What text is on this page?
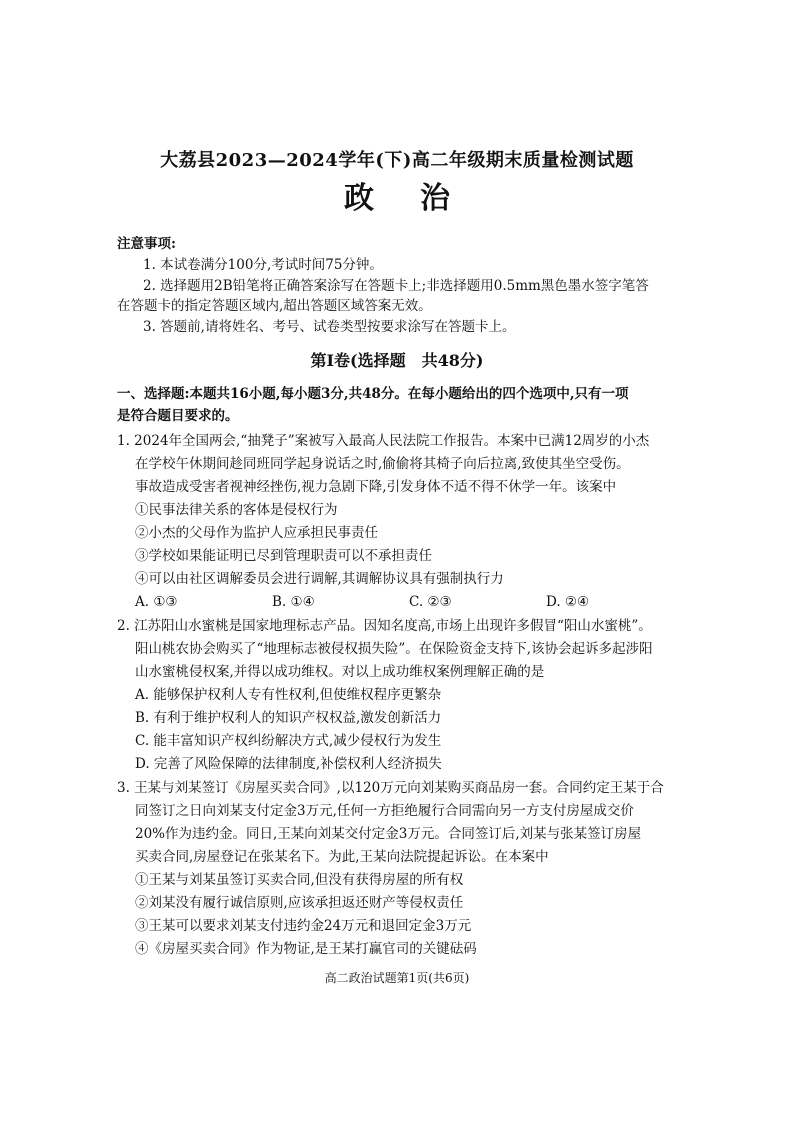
大荔县2023—2024学年(下)高二年级期末质量检测试题
政治
注意事项:
1. 本试卷满分100分,考试时间75分钟。
2. 选择题用2B铅笔将正确答案涂写在答题卡上;非选择题用0.5mm黑色墨水签字笔答
在答题卡的指定答题区域内,超出答题区域答案无效。
3. 答题前,请将姓名、考号、试卷类型按要求涂写在答题卡上。
第Ⅰ卷(选择题　共48分)
一、选择题:本题共16小题,每小题3分,共48分。在每小题给出的四个选项中,只有一项
是符合题目要求的。
1. 2024年全国两会,“抽凳子”案被写入最高人民法院工作报告。本案中已满12周岁的小杰
在学校午休期间趁同班同学起身说话之时,偷偷将其椅子向后拉离,致使其坐空受伤。
事故造成受害者视神经挫伤,视力急剧下降,引发身体不适不得不休学一年。该案中
①民事法律关系的客体是侵权行为
②小杰的父母作为监护人应承担民事责任
③学校如果能证明已尽到管理职责可以不承担责任
④可以由社区调解委员会进行调解,其调解协议具有强制执行力
A. ①③	B. ①④	C. ②③	D. ②④
2. 江苏阳山水蜜桃是国家地理标志产品。因知名度高,市场上出现许多假冒“阳山水蜜桃”。
阳山桃农协会购买了“地理标志被侵权损失险”。在保险资金支持下,该协会起诉多起涉阳
山水蜜桃侵权案,并得以成功维权。对以上成功维权案例理解正确的是
A. 能够保护权利人专有性权利,但使维权程序更繁杂
B. 有利于维护权利人的知识产权权益,激发创新活力
C. 能丰富知识产权纠纷解决方式,减少侵权行为发生
D. 完善了风险保障的法律制度,补偿权利人经济损失
3. 王某与刘某签订《房屋买卖合同》,以120万元向刘某购买商品房一套。合同约定王某于合
同签订之日向刘某支付定金3万元,任何一方拒绝履行合同需向另一方支付房屋成交价
20%作为违约金。同日,王某向刘某交付定金3万元。合同签订后,刘某与张某签订房屋
买卖合同,房屋登记在张某名下。为此,王某向法院提起诉讼。在本案中
①王某与刘某虽签订买卖合同,但没有获得房屋的所有权
②刘某没有履行诚信原则,应该承担返还财产等侵权责任
③王某可以要求刘某支付违约金24万元和退回定金3万元
④《房屋买卖合同》作为物证,是王某打赢官司的关键砝码
高二政治试题第1页(共6页)
